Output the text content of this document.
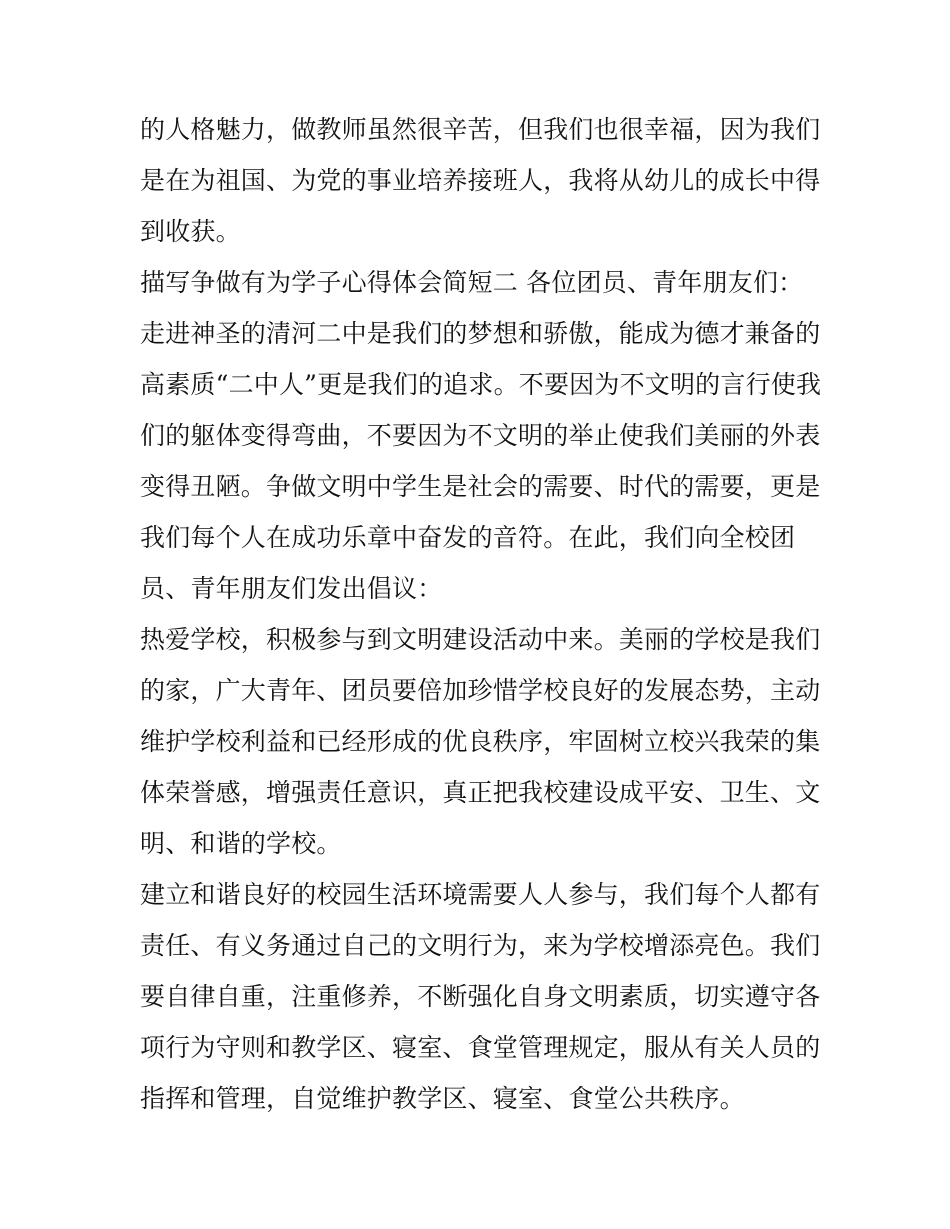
的人格魅力，做教师虽然很辛苦，但我们也很幸福，因为我们
是在为祖国、为党的事业培养接班人，我将从幼儿的成长中得
到收获。
描写争做有为学子心得体会简短二 各位团员、青年朋友们：
走进神圣的清河二中是我们的梦想和骄傲，能成为德才兼备的
高素质“二中人”更是我们的追求。不要因为不文明的言行使我
们的躯体变得弯曲，不要因为不文明的举止使我们美丽的外表
变得丑陋。争做文明中学生是社会的需要、时代的需要，更是
我们每个人在成功乐章中奋发的音符。在此，我们向全校团
员、青年朋友们发出倡议：
热爱学校，积极参与到文明建设活动中来。美丽的学校是我们
的家，广大青年、团员要倍加珍惜学校良好的发展态势，主动
维护学校利益和已经形成的优良秩序，牢固树立校兴我荣的集
体荣誉感，增强责任意识，真正把我校建设成平安、卫生、文
明、和谐的学校。
建立和谐良好的校园生活环境需要人人参与，我们每个人都有
责任、有义务通过自己的文明行为，来为学校增添亮色。我们
要自律自重，注重修养，不断强化自身文明素质，切实遵守各
项行为守则和教学区、寝室、食堂管理规定，服从有关人员的
指挥和管理，自觉维护教学区、寝室、食堂公共秩序。
